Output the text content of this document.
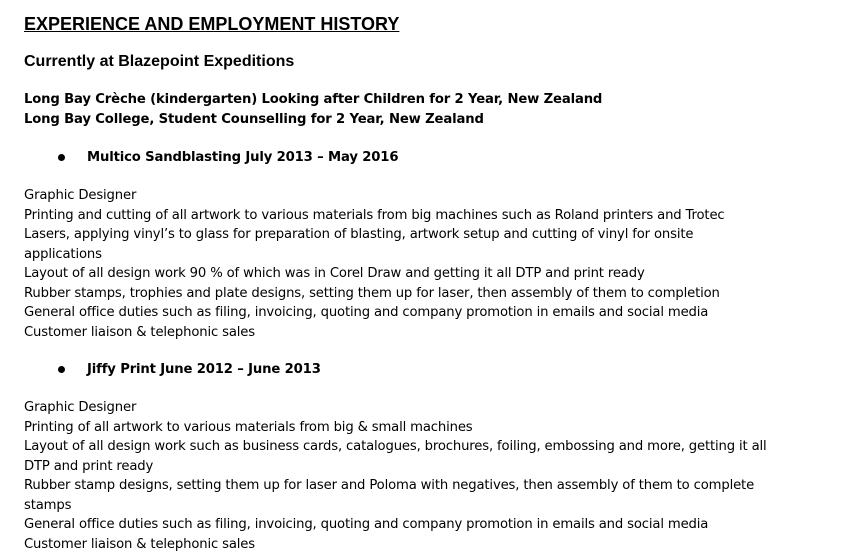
EXPERIENCE AND EMPLOYMENT HISTORY
Currently at Blazepoint Expeditions
Long Bay Crèche (kindergarten) Looking after Children for 2 Year, New Zealand
Long Bay College, Student Counselling for 2 Year, New Zealand
Multico Sandblasting July 2013 – May 2016
Graphic Designer
Printing and cutting of all artwork to various materials from big machines such as Roland printers and Trotec
Lasers, applying vinyl’s to glass for preparation of blasting, artwork setup and cutting of vinyl for onsite
applications
Layout of all design work 90 % of which was in Corel Draw and getting it all DTP and print ready
Rubber stamps, trophies and plate designs, setting them up for laser, then assembly of them to completion
General office duties such as filing, invoicing, quoting and company promotion in emails and social media
Customer liaison & telephonic sales
Jiffy Print June 2012 – June 2013
Graphic Designer
Printing of all artwork to various materials from big & small machines
Layout of all design work such as business cards, catalogues, brochures, foiling, embossing and more, getting it all
DTP and print ready
Rubber stamp designs, setting them up for laser and Poloma with negatives, then assembly of them to complete
stamps
General office duties such as filing, invoicing, quoting and company promotion in emails and social media
Customer liaison & telephonic sales
